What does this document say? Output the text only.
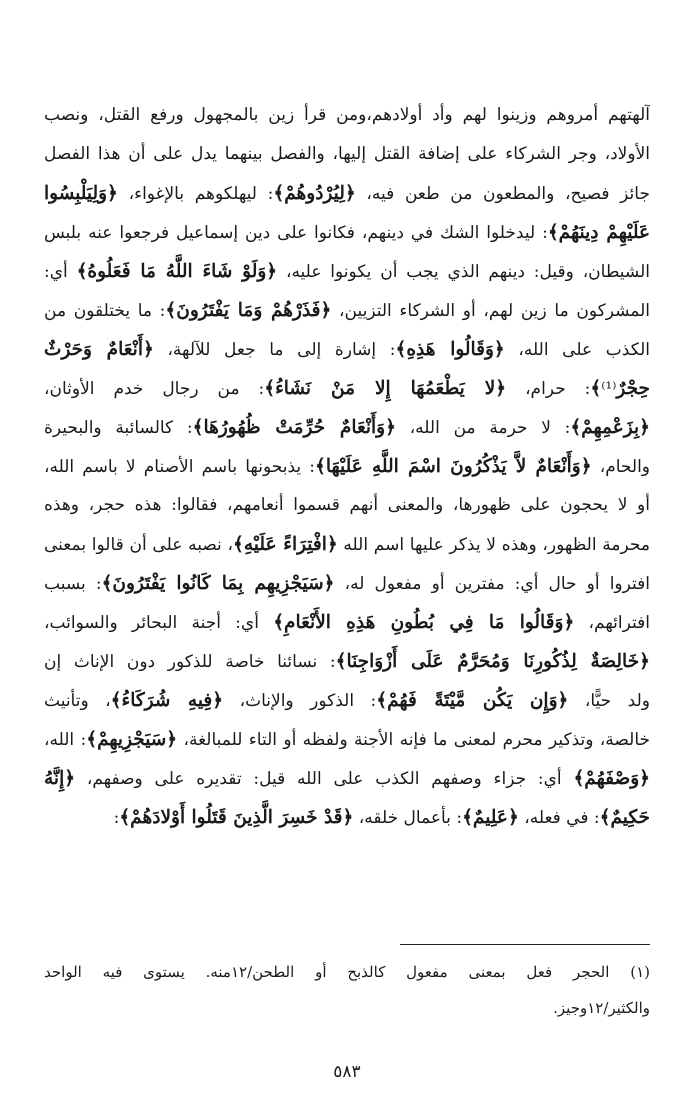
آلهتهم أمروهم وزينوا لهم وأد أولادهم،ومن قرأ زين بالمجهول ورفع القتل، ونصب
الأولاد، وجر الشركاء على إضافة القتل إليها، والفصل بينهما يدل على أن هذا الفصل
جائز فصيح، والمطعون من طعن فيه، ﴿لِيُرْدُوهُمْ﴾: ليهلكوهم بالإغواء، ﴿وَلِيَلْبِسُوا
عَلَيْهِمْ دِينَهُمْ﴾: ليدخلوا الشك في دينهم، فكانوا على دين إسماعيل فرجعوا عنه بلبس
الشيطان، وقيل: دينهم الذي يجب أن يكونوا عليه، ﴿وَلَوْ شَاءَ اللَّهُ مَا فَعَلُوهُ﴾ أي:
المشركون ما زين لهم، أو الشركاء التزيين، ﴿فَذَرْهُمْ وَمَا يَفْتَرُونَ﴾: ما يختلقون من
الكذب على الله، ﴿وَقَالُوا هَذِهِ﴾: إشارة إلى ما جعل للآلهة، ﴿أَنْعَامٌ وَحَرْثٌ
حِجْرٌ⁽¹⁾﴾: حرام، ﴿لا يَطْعَمُهَا إِلا مَنْ نَشَاءُ﴾: من رجال خدم الأوثان،
﴿بِزَعْمِهِمْ﴾: لا حرمة من الله، ﴿وَأَنْعَامٌ حُرِّمَتْ ظُهُورُهَا﴾: كالسائبة والبحيرة
والحام، ﴿وَأَنْعَامٌ لاَّ يَذْكُرُونَ اسْمَ اللَّهِ عَلَيْهَا﴾: يذبحونها باسم الأصنام لا باسم الله،
أو لا يحجون على ظهورها، والمعنى أنهم قسموا أنعامهم، فقالوا: هذه حجر، وهذه
محرمة الظهور، وهذه لا يذكر عليها اسم الله ﴿افْتِرَاءً عَلَيْهِ﴾، نصبه على أن قالوا بمعنى
افتروا أو حال أي: مفترين أو مفعول له، ﴿سَيَجْزِيهِم بِمَا كَانُوا يَفْتَرُونَ﴾: بسبب
افترائهم، ﴿وَقَالُوا مَا فِي بُطُونِ هَذِهِ الأَنْعَامِ﴾ أي: أجنة البحائر والسوائب،
﴿خَالِصَةٌ لِذُكُورِنَا وَمُحَرَّمٌ عَلَى أَزْوَاجِنَا﴾: نسائنا خاصة للذكور دون الإناث إن
ولد حيًّا، ﴿وَإِن يَكُن مَّيْتَةً فَهُمْ﴾: الذكور والإناث، ﴿فِيهِ شُرَكَاءُ﴾، وتأنيث
خالصة، وتذكير محرم لمعنى ما فإنه الأجنة ولفظه أو التاء للمبالغة، ﴿سَيَجْزِيهِمْ﴾: الله،
﴿وَصْفَهُمْ﴾ أي: جزاء وصفهم الكذب على الله قيل: تقديره على وصفهم، ﴿إِنَّهُ
حَكِيمٌ﴾: في فعله، ﴿عَلِيمٌ﴾: بأعمال خلقه، ﴿قَدْ خَسِرَ الَّذِينَ قَتَلُوا أَوْلادَهُمْ﴾:
(١) الحجر فعل بمعنى مفعول كالذبح أو الطحن/١٢منه. يستوى فيه الواحد
والكثير/١٢وجيز.
٥٨٣
